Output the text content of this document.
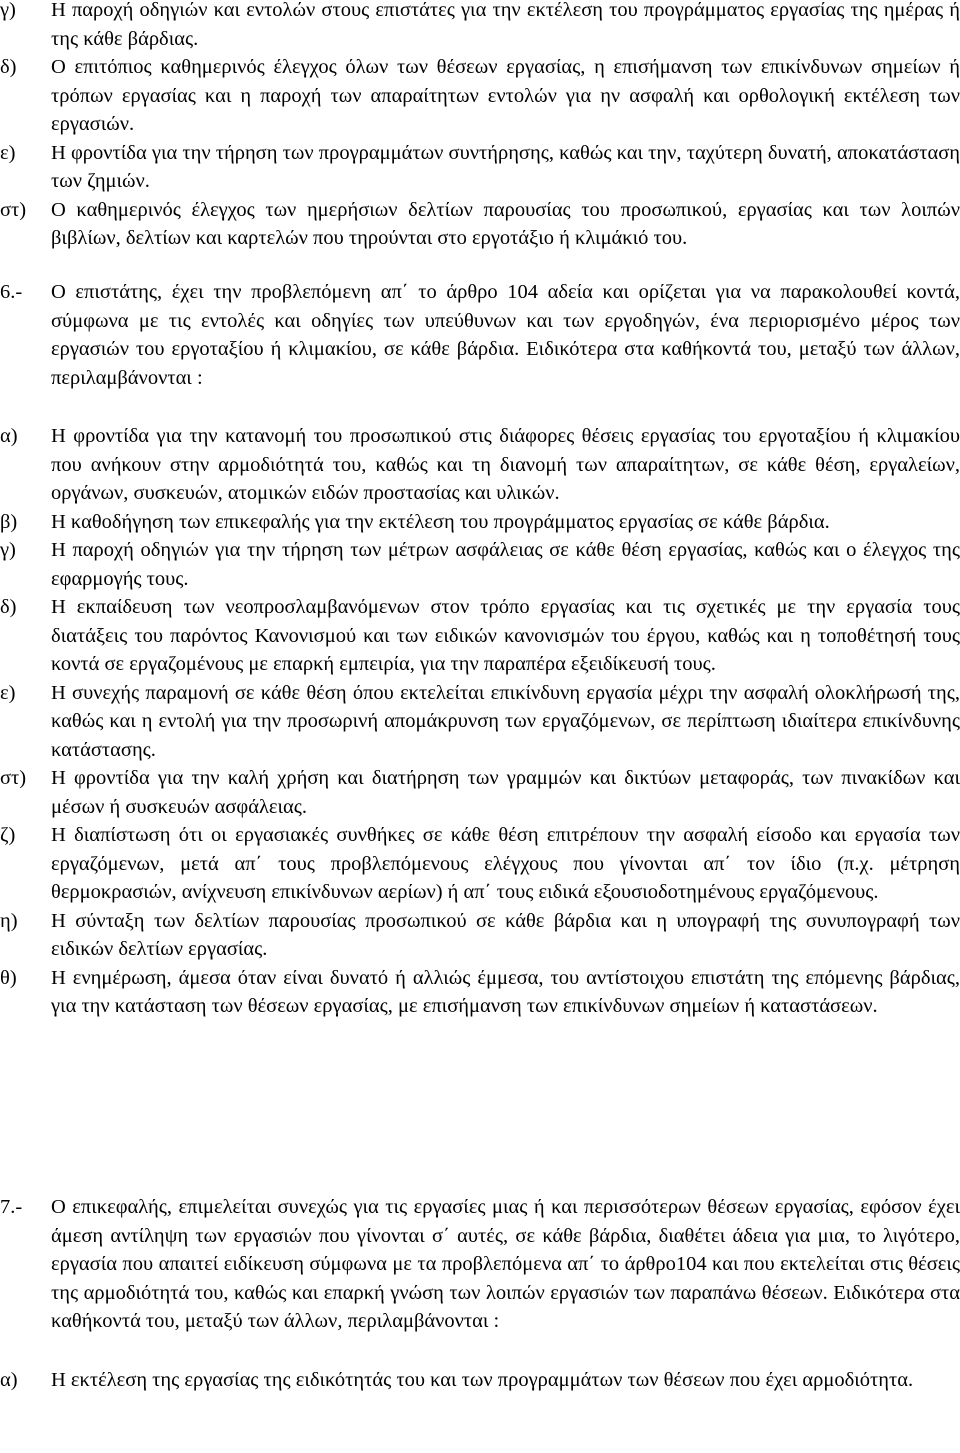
γ)	Η παροχή οδηγιών και εντολών στους επιστάτες για την εκτέλεση του προγράμματος εργασίας της ημέρας ή της κάθε βάρδιας.
δ)	Ο επιτόπιος καθημερινός έλεγχος όλων των θέσεων εργασίας, η επισήμανση των επικίνδυνων σημείων ή τρόπων εργασίας και η παροχή των απαραίτητων εντολών για ην ασφαλή και ορθολογική εκτέλεση των εργασιών.
ε)	Η φροντίδα για την τήρηση των προγραμμάτων συντήρησης, καθώς και την, ταχύτερη δυνατή, αποκατάσταση των ζημιών.
στ)	Ο καθημερινός έλεγχος των ημερήσιων δελτίων παρουσίας του προσωπικού, εργασίας και των λοιπών βιβλίων, δελτίων και καρτελών που τηρούνται στο εργοτάξιο ή κλιμάκιό του.
6.-	Ο επιστάτης, έχει την προβλεπόμενη απ΄ το άρθρο 104 αδεία και ορίζεται για να παρακολουθεί κοντά, σύμφωνα με τις εντολές και οδηγίες των υπεύθυνων και των εργοδηγών, ένα περιορισμένο μέρος των εργασιών του εργοταξίου ή κλιμακίου, σε κάθε βάρδια. Ειδικότερα στα καθήκοντά του, μεταξύ των άλλων, περιλαμβάνονται :
α)	Η φροντίδα για την κατανομή του προσωπικού στις διάφορες θέσεις εργασίας του εργοταξίου ή κλιμακίου που ανήκουν στην αρμοδιότητά του, καθώς και τη διανομή των απαραίτητων, σε κάθε θέση, εργαλείων, οργάνων, συσκευών, ατομικών ειδών προστασίας και υλικών.
β)	Η καθοδήγηση των επικεφαλής για την εκτέλεση του προγράμματος εργασίας σε κάθε βάρδια.
γ)	Η παροχή οδηγιών για την τήρηση των μέτρων ασφάλειας σε κάθε θέση εργασίας, καθώς και ο έλεγχος της εφαρμογής τους.
δ)	Η εκπαίδευση των νεοπροσλαμβανόμενων στον τρόπο εργασίας και τις σχετικές με την εργασία τους διατάξεις του παρόντος Κανονισμού και των ειδικών κανονισμών του έργου, καθώς και η τοποθέτησή τους κοντά σε εργαζομένους με επαρκή εμπειρία, για την παραπέρα εξειδίκευσή τους.
ε)	Η συνεχής παραμονή σε κάθε θέση όπου εκτελείται επικίνδυνη εργασία μέχρι την ασφαλή ολοκλήρωσή της, καθώς και η εντολή για την προσωρινή απομάκρυνση των εργαζόμενων, σε περίπτωση ιδιαίτερα επικίνδυνης κατάστασης.
στ)	Η φροντίδα για την καλή χρήση και διατήρηση των γραμμών και δικτύων μεταφοράς, των πινακίδων και μέσων ή συσκευών ασφάλειας.
ζ)	Η διαπίστωση ότι οι εργασιακές συνθήκες σε κάθε θέση επιτρέπουν την ασφαλή είσοδο και εργασία των εργαζόμενων, μετά απ΄ τους προβλεπόμενους ελέγχους που γίνονται απ΄ τον ίδιο (π.χ. μέτρηση θερμοκρασιών, ανίχνευση επικίνδυνων αερίων) ή απ΄ τους ειδικά εξουσιοδοτημένους εργαζόμενους.
η)	Η σύνταξη των δελτίων παρουσίας προσωπικού σε κάθε βάρδια και η υπογραφή της συνυπογραφή των ειδικών δελτίων εργασίας.
θ)	Η ενημέρωση, άμεσα όταν είναι δυνατό ή αλλιώς έμμεσα, του αντίστοιχου επιστάτη της επόμενης βάρδιας, για την κατάσταση των θέσεων εργασίας, με επισήμανση των επικίνδυνων σημείων ή καταστάσεων.
7.-	Ο επικεφαλής, επιμελείται συνεχώς για τις εργασίες μιας ή και περισσότερων θέσεων εργασίας, εφόσον έχει άμεση αντίληψη των εργασιών που γίνονται σ΄ αυτές, σε κάθε βάρδια, διαθέτει άδεια για μια, το λιγότερο, εργασία που απαιτεί ειδίκευση σύμφωνα με τα προβλεπόμενα απ΄ το άρθρο104 και που εκτελείται στις θέσεις της αρμοδιότητά του, καθώς και επαρκή γνώση των λοιπών εργασιών των παραπάνω θέσεων. Ειδικότερα στα καθήκοντά του, μεταξύ των άλλων, περιλαμβάνονται :
α)	Η εκτέλεση της εργασίας της ειδικότητάς του και των προγραμμάτων των θέσεων που έχει αρμοδιότητα.
